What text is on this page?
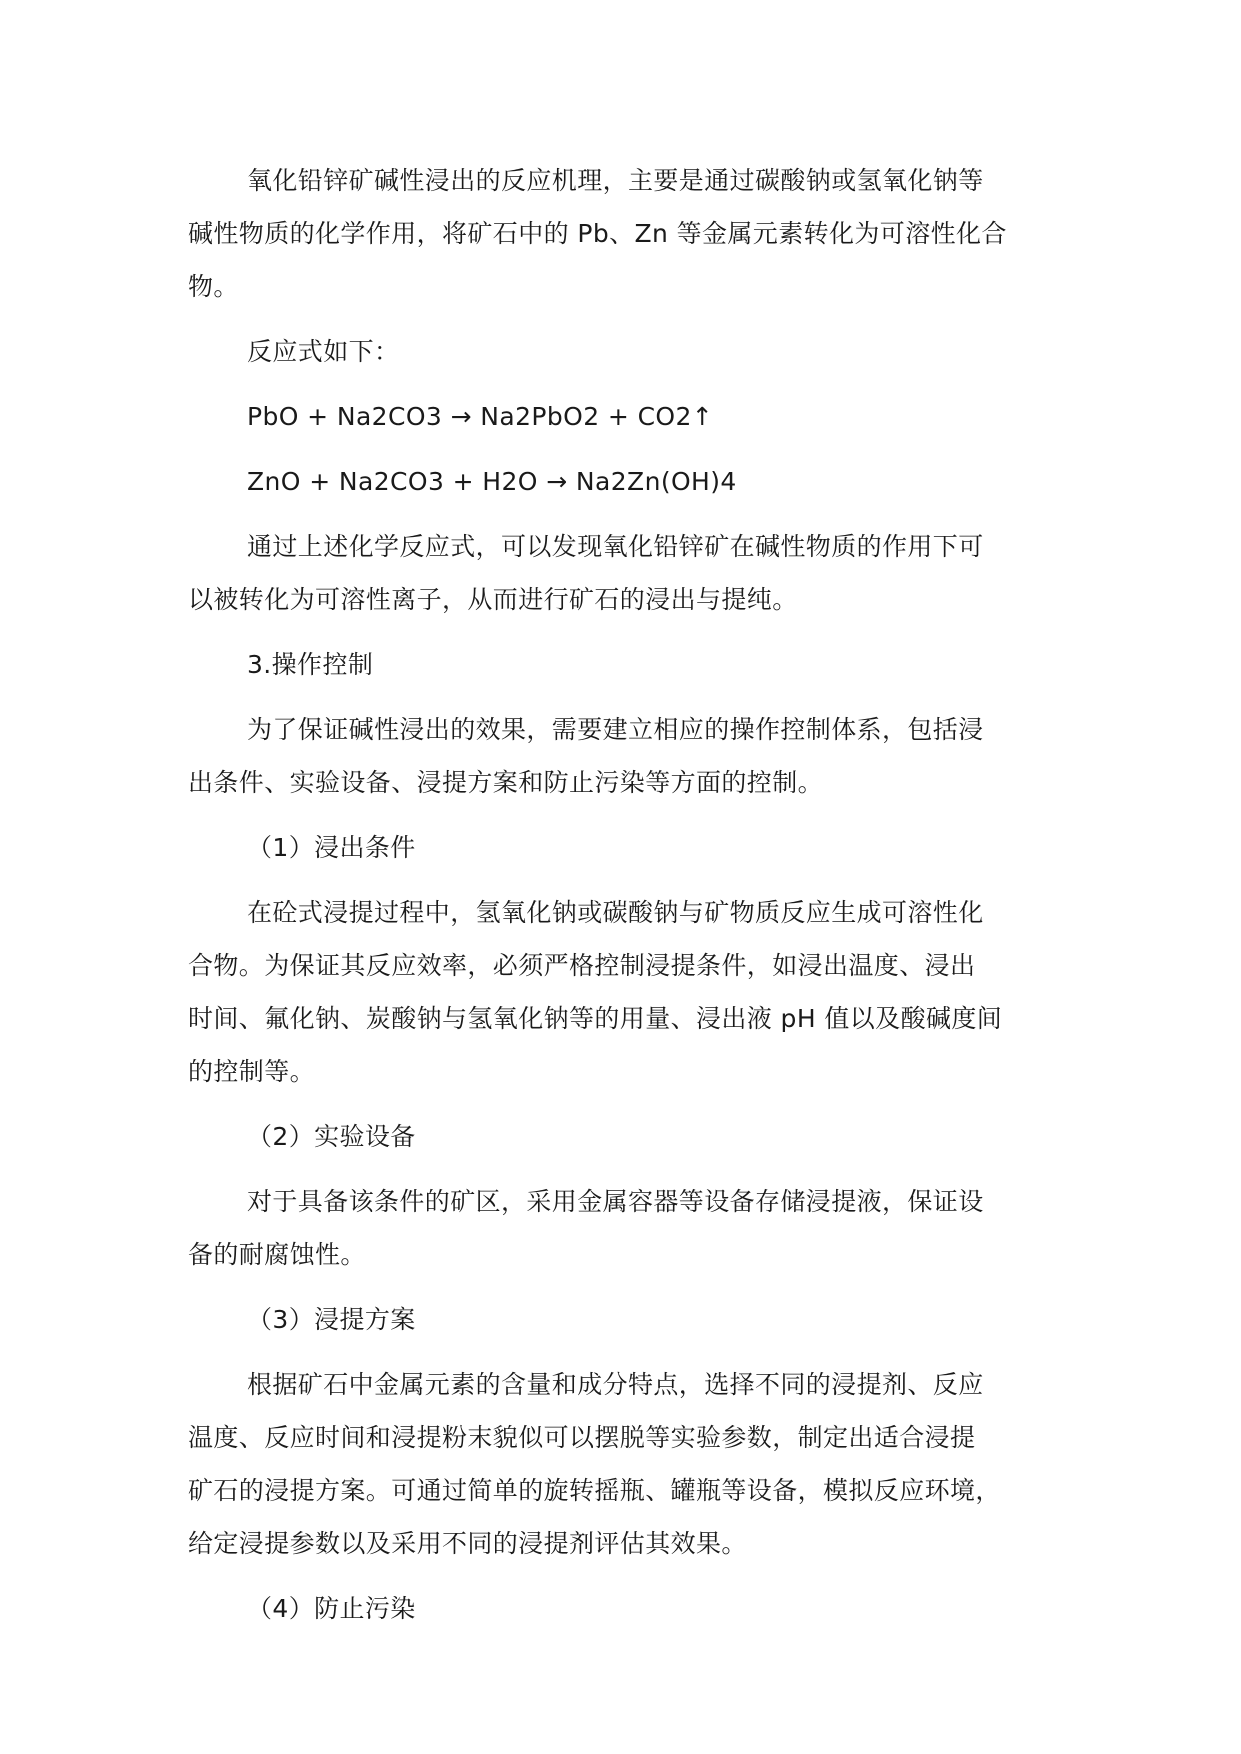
氧化铅锌矿碱性浸出的反应机理，主要是通过碳酸钠或氢氧化钠等
碱性物质的化学作用，将矿石中的 Pb、Zn 等金属元素转化为可溶性化合
物。

反应式如下：

PbO + Na2CO3 → Na2PbO2 + CO2↑

ZnO + Na2CO3 + H2O → Na2Zn(OH)4

通过上述化学反应式，可以发现氧化铅锌矿在碱性物质的作用下可
以被转化为可溶性离子，从而进行矿石的浸出与提纯。

3.操作控制

为了保证碱性浸出的效果，需要建立相应的操作控制体系，包括浸
出条件、实验设备、浸提方案和防止污染等方面的控制。

（1）浸出条件

在砼式浸提过程中，氢氧化钠或碳酸钠与矿物质反应生成可溶性化
合物。为保证其反应效率，必须严格控制浸提条件，如浸出温度、浸出
时间、氟化钠、炭酸钠与氢氧化钠等的用量、浸出液 pH 值以及酸碱度间
的控制等。

（2）实验设备

对于具备该条件的矿区，采用金属容器等设备存储浸提液，保证设
备的耐腐蚀性。

（3）浸提方案

根据矿石中金属元素的含量和成分特点，选择不同的浸提剂、反应
温度、反应时间和浸提粉末貌似可以摆脱等实验参数，制定出适合浸提
矿石的浸提方案。可通过简单的旋转摇瓶、罐瓶等设备，模拟反应环境，
给定浸提参数以及采用不同的浸提剂评估其效果。

（4）防止污染
